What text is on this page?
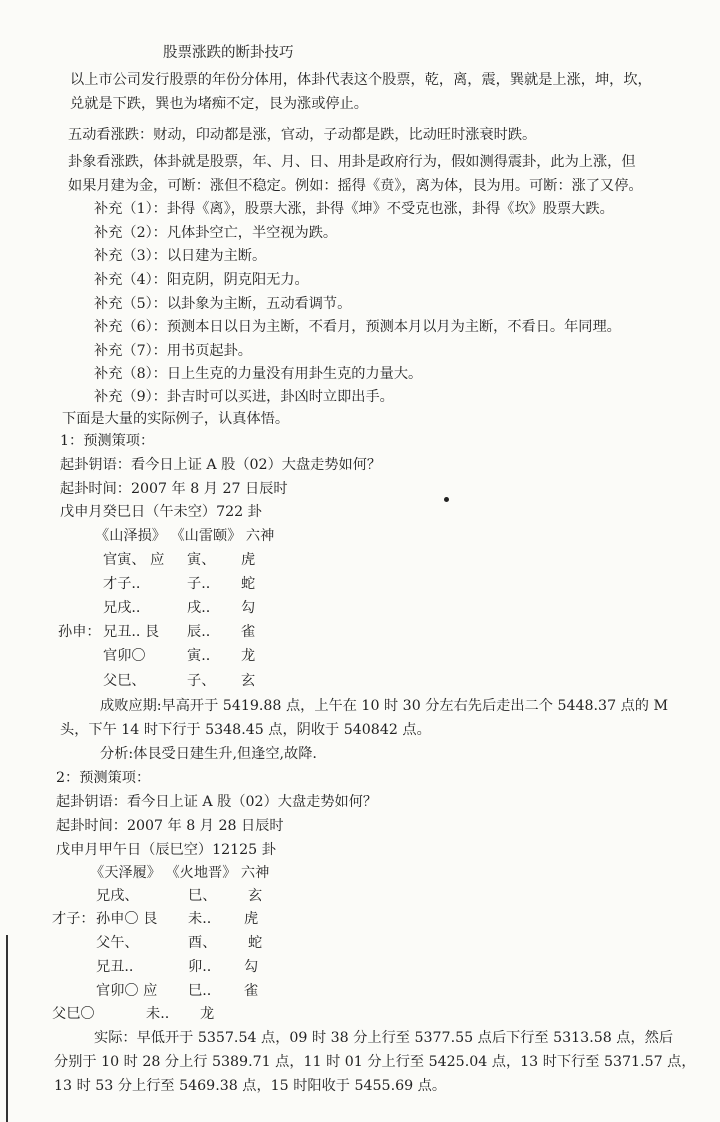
股票涨跌的断卦技巧
以上市公司发行股票的年份分体用，体卦代表这个股票，乾，离，震，巽就是上涨，坤，坎，
兑就是下跌，巽也为堵痴不定，艮为涨或停止。
五动看涨跌：财动，印动都是涨，官动，子动都是跌，比动旺时涨衰时跌。
卦象看涨跌，体卦就是股票，年、月、日、用卦是政府行为，假如测得震卦，此为上涨，但
如果月建为金，可断：涨但不稳定。例如：摇得《贲》，离为体，艮为用。可断：涨了又停。
补充（1）：卦得《离》，股票大涨，卦得《坤》不受克也涨，卦得《坎》股票大跌。
补充（2）：凡体卦空亡，半空视为跌。
补充（3）：以日建为主断。
补充（4）：阳克阴，阴克阳无力。
补充（5）：以卦象为主断，五动看调节。
补充（6）：预测本日以日为主断，不看月，预测本月以月为主断，不看日。年同理。
补充（7）：用书页起卦。
补充（8）：日上生克的力量没有用卦生克的力量大。
补充（9）：卦吉时可以买进，卦凶时立即出手。
下面是大量的实际例子，认真体悟。
1：预测策项：
起卦钥语：看今日上证 A 股（02）大盘走势如何？
起卦时间：2007 年 8 月 27 日辰时
戊申月癸巳日（午未空）722 卦
《山泽损》 《山雷颐》 六神
官寅、 应 寅、 虎
才子..	子.. 蛇
兄戌..	戌.. 勾
孙申： 兄丑.. 艮 辰.. 雀
官卯〇	寅.. 龙
父巳、	子、 玄
成败应期:早高开于 5419.88 点，上午在 10 时 30 分左右先后走出二个 5448.37 点的 M
头，下午 14 时下行于 5348.45 点，阴收于 540842 点。
分析:体艮受日建生升,但逢空,故降.
2：预测策项：
起卦钥语：看今日上证 A 股（02）大盘走势如何？
起卦时间：2007 年 8 月 28 日辰时
戊申月甲午日（辰巳空）12125 卦
《天泽履》 《火地晋》 六神
兄戌、	巳、 玄
才子： 孙申〇 艮 未.. 虎
父午、	酉、 蛇
兄丑..	卯.. 勾
官卯〇 应 巳.. 雀
父巳〇	未.. 龙
实际：早低开于 5357.54 点，09 时 38 分上行至 5377.55 点后下行至 5313.58 点，然后
分别于 10 时 28 分上行 5389.71 点，11 时 01 分上行至 5425.04 点，13 时下行至 5371.57 点，
13 时 53 分上行至 5469.38 点，15 时阳收于 5455.69 点。
